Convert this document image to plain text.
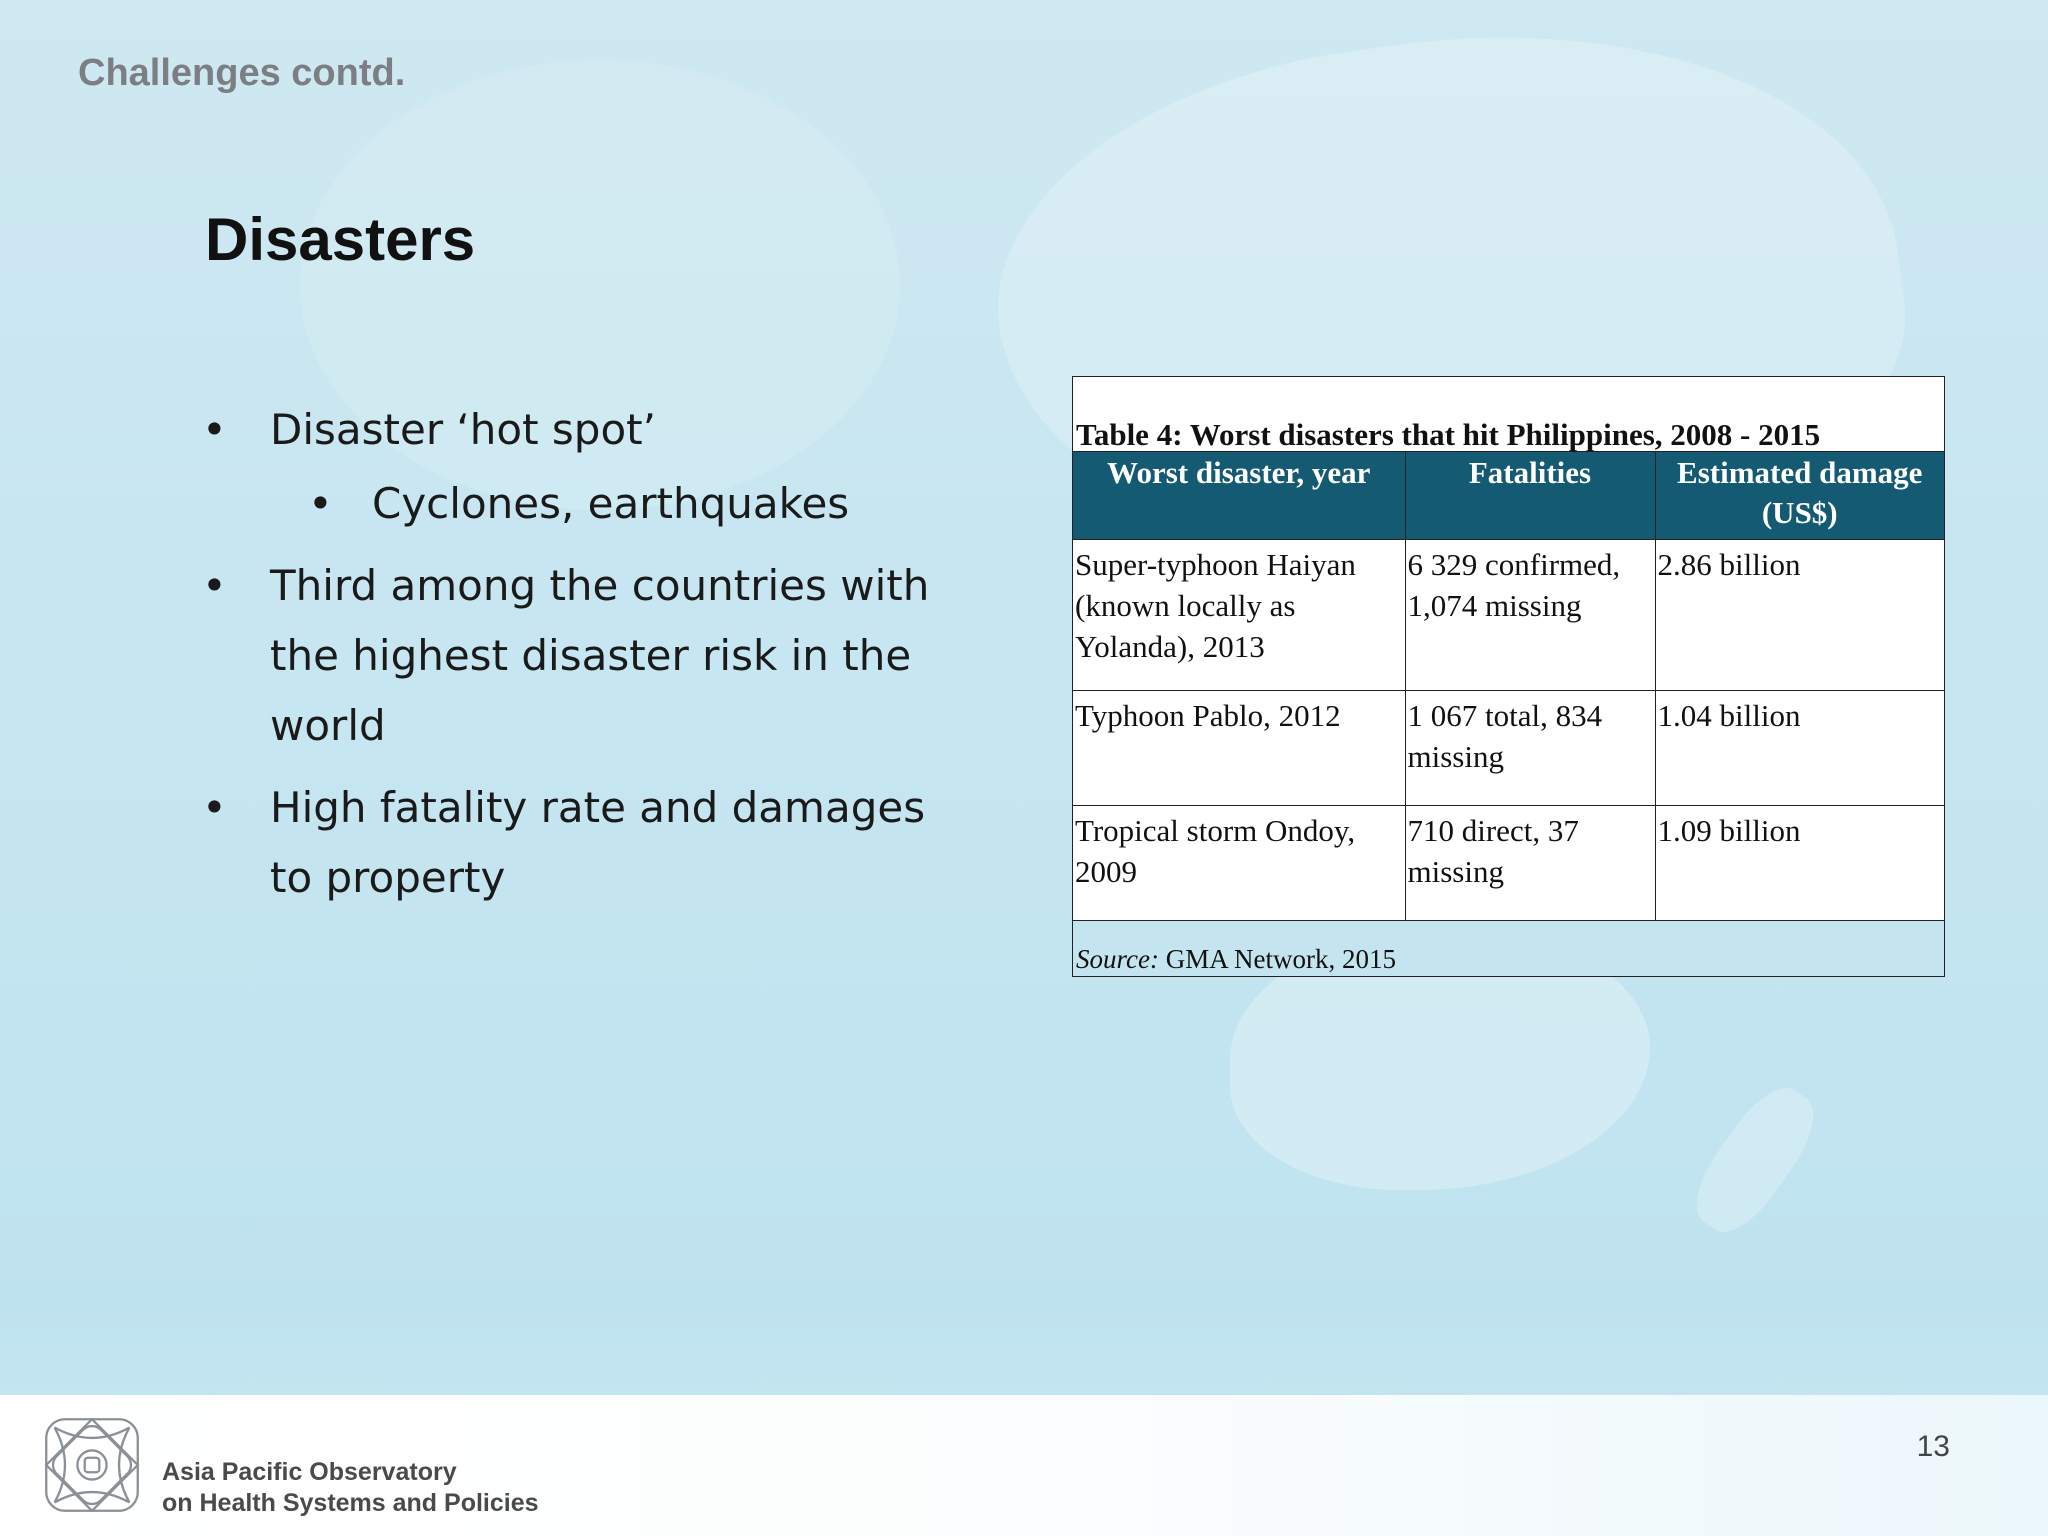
Challenges contd.

Disasters
• Disaster ‘hot spot’
• Cyclones, earthquakes
• Third among the countries with the highest disaster risk in the world
• High fatality rate and damages to property
Table 4: Worst disasters that hit Philippines, 2008 - 2015
Worst disaster, year	Fatalities	Estimated damage (US$)
Super-typhoon Haiyan (known locally as Yolanda), 2013	6 329 confirmed, 1,074 missing	2.86 billion
Typhoon Pablo, 2012	1 067 total, 834 missing	1.04 billion
Tropical storm Ondoy, 2009	710 direct, 37 missing	1.09 billion
Source: GMA Network, 2015

Asia Pacific Observatory
on Health Systems and Policies

13
